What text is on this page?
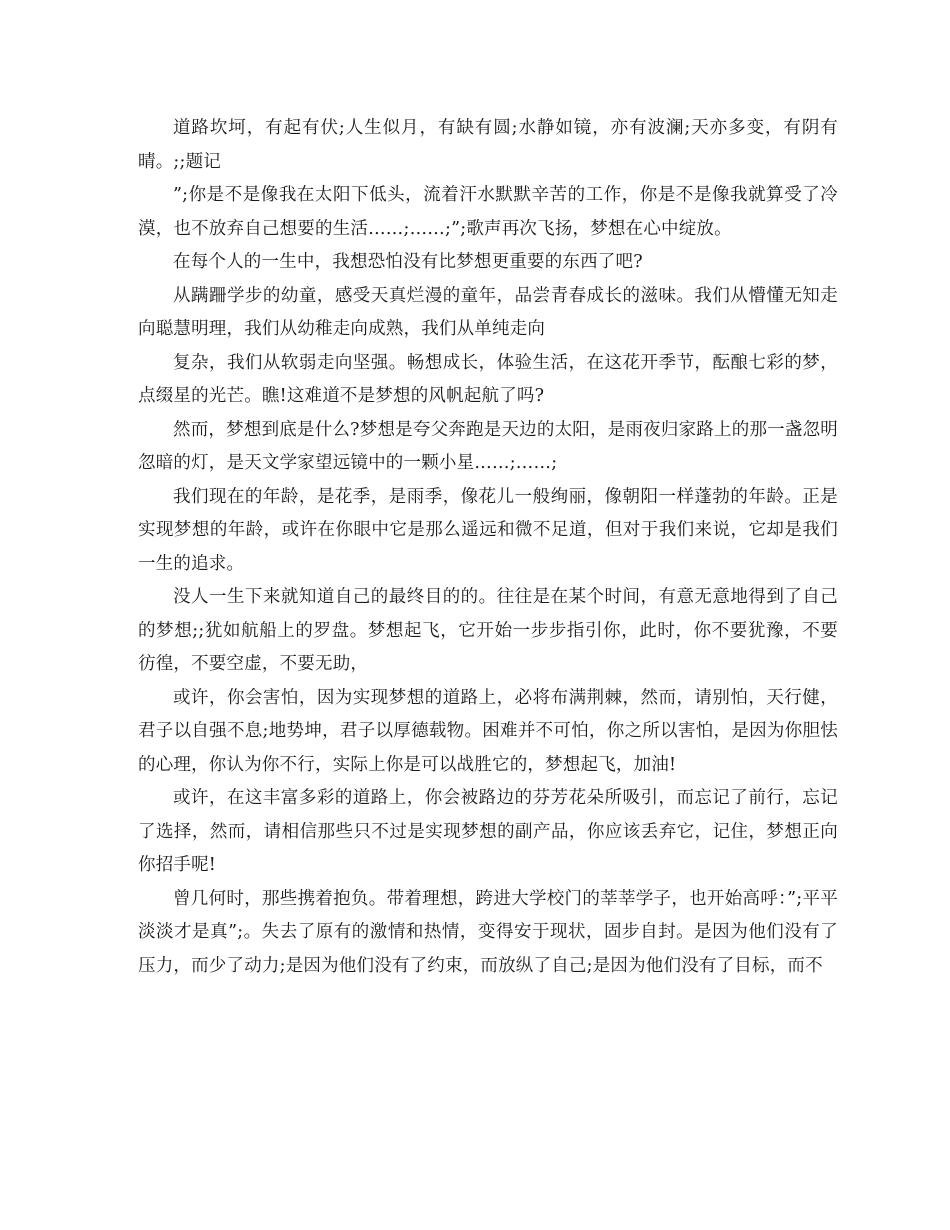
道路坎坷，有起有伏;人生似月，有缺有圆;水静如镜，亦有波澜;天亦多变，有阴有晴。;;题记

”;你是不是像我在太阳下低头，流着汗水默默辛苦的工作，你是不是像我就算受了冷漠，也不放弃自己想要的生活……;……;”;歌声再次飞扬，梦想在心中绽放。

在每个人的一生中，我想恐怕没有比梦想更重要的东西了吧?

从蹒跚学步的幼童，感受天真烂漫的童年，品尝青春成长的滋味。我们从懵懂无知走向聪慧明理，我们从幼稚走向成熟，我们从单纯走向

复杂，我们从软弱走向坚强。畅想成长，体验生活，在这花开季节，酝酿七彩的梦，点缀星的光芒。瞧!这难道不是梦想的风帆起航了吗?

然而，梦想到底是什么?梦想是夸父奔跑是天边的太阳，是雨夜归家路上的那一盏忽明忽暗的灯，是天文学家望远镜中的一颗小星……;……;

我们现在的年龄，是花季，是雨季，像花儿一般绚丽，像朝阳一样蓬勃的年龄。正是实现梦想的年龄，或许在你眼中它是那么遥远和微不足道，但对于我们来说，它却是我们一生的追求。

没人一生下来就知道自己的最终目的的。往往是在某个时间，有意无意地得到了自己的梦想;;犹如航船上的罗盘。梦想起飞，它开始一步步指引你，此时，你不要犹豫，不要彷徨，不要空虚，不要无助，

或许，你会害怕，因为实现梦想的道路上，必将布满荆棘，然而，请别怕，天行健，君子以自强不息;地势坤，君子以厚德载物。困难并不可怕，你之所以害怕，是因为你胆怯的心理，你认为你不行，实际上你是可以战胜它的，梦想起飞，加油!

或许，在这丰富多彩的道路上，你会被路边的芬芳花朵所吸引，而忘记了前行，忘记了选择，然而，请相信那些只不过是实现梦想的副产品，你应该丢弃它，记住，梦想正向你招手呢!

曾几何时，那些携着抱负。带着理想，跨进大学校门的莘莘学子，也开始高呼：”;平平淡淡才是真”;。失去了原有的激情和热情，变得安于现状，固步自封。是因为他们没有了压力，而少了动力;是因为他们没有了约束，而放纵了自己;是因为他们没有了目标，而不
